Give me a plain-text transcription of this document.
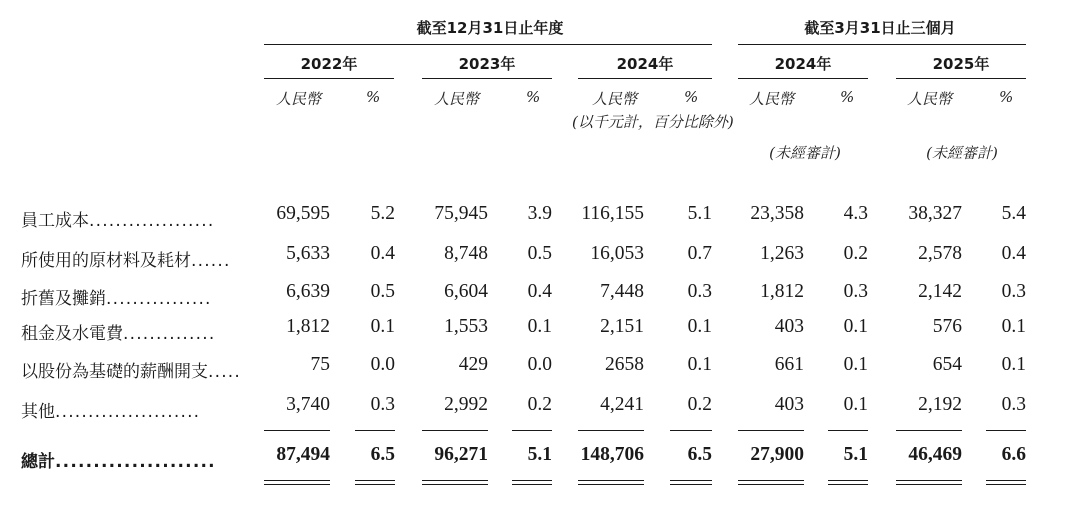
截至12月31日止年度	截至3月31日止三個月
2022年	2023年	2024年	2024年	2025年
人民幣	%	人民幣	%	人民幣	%	人民幣	%	人民幣	%
(以千元計，百分比除外)
(未經審計)	(未經審計)
員工成本...................	69,595	5.2	75,945	3.9	116,155	5.1	23,358	4.3	38,327	5.4
所使用的原材料及耗材......	5,633	0.4	8,748	0.5	16,053	0.7	1,263	0.2	2,578	0.4
折舊及攤銷................	6,639	0.5	6,604	0.4	7,448	0.3	1,812	0.3	2,142	0.3
租金及水電費..............	1,812	0.1	1,553	0.1	2,151	0.1	403	0.1	576	0.1
以股份為基礎的薪酬開支.....	75	0.0	429	0.0	2658	0.1	661	0.1	654	0.1
其他......................	3,740	0.3	2,992	0.2	4,241	0.2	403	0.1	2,192	0.3
總計.....................	87,494	6.5	96,271	5.1	148,706	6.5	27,900	5.1	46,469	6.6
